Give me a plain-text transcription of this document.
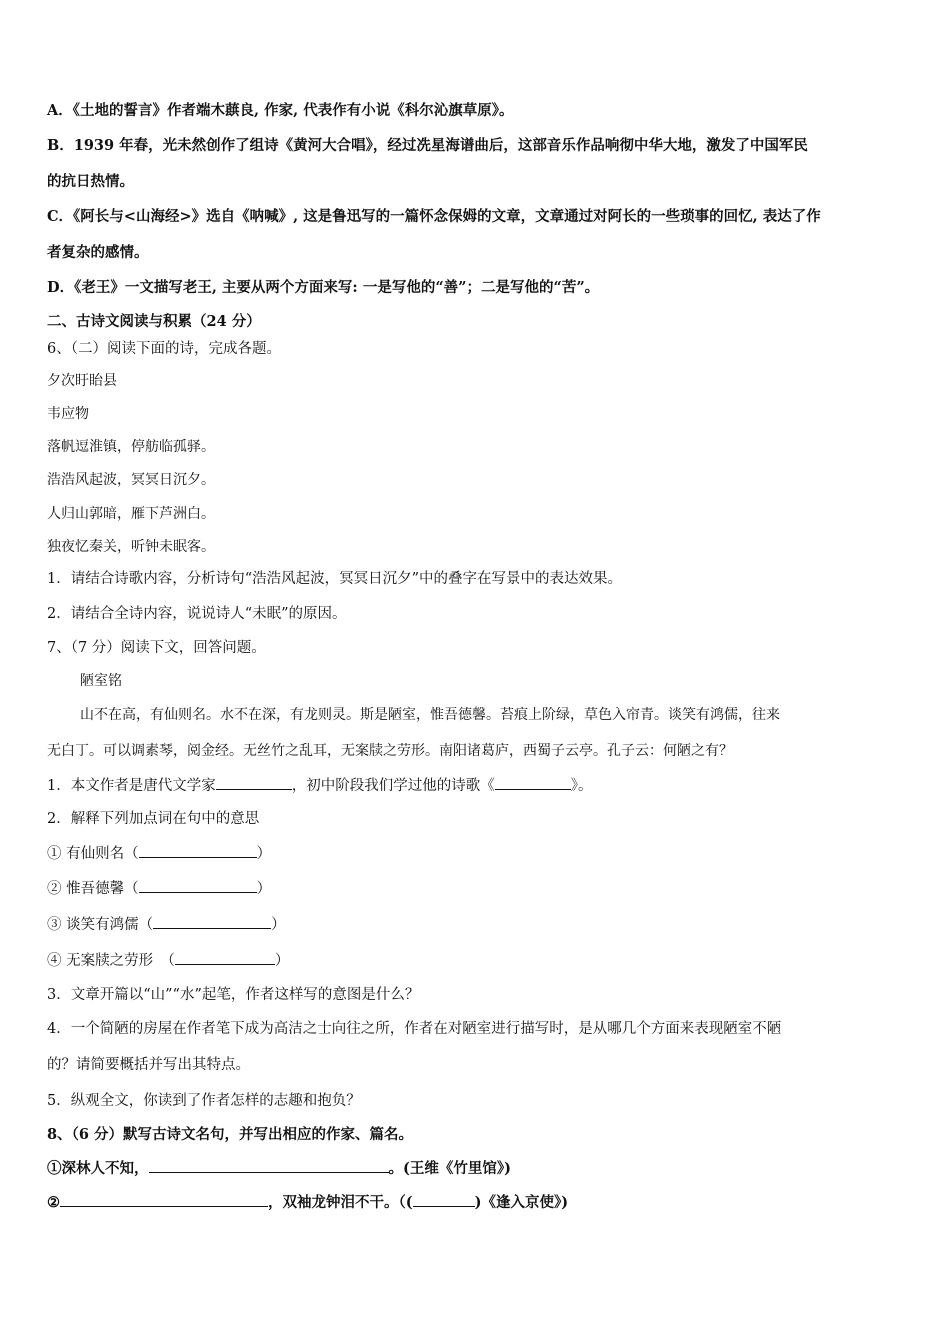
A．《土地的誓言》作者端木蕻良, 作家, 代表作有小说《科尔沁旗草原》。
B．1939 年春，光未然创作了组诗《黄河大合唱》，经过冼星海谱曲后，这部音乐作品响彻中华大地，激发了中国军民
的抗日热情。
C．《阿长与<山海经>》选自《呐喊》, 这是鲁迅写的一篇怀念保姆的文章，文章通过对阿长的一些琐事的回忆, 表达了作
者复杂的感情。
D．《老王》一文描写老王, 主要从两个方面来写: 一是写他的“善”；二是写他的“苦”。
二、古诗文阅读与积累（24 分）
6、（二）阅读下面的诗，完成各题。
夕次盱眙县
韦应物
落帆逗淮镇，停舫临孤驿。
浩浩风起波，冥冥日沉夕。
人归山郭暗，雁下芦洲白。
独夜忆秦关，听钟未眠客。
1．请结合诗歌内容，分析诗句“浩浩风起波，冥冥日沉夕”中的叠字在写景中的表达效果。
2．请结合全诗内容，说说诗人“未眠”的原因。
7、（7 分）阅读下文，回答问题。
陋室铭
山不在高，有仙则名。水不在深，有龙则灵。斯是陋室，惟吾德馨。苔痕上阶绿，草色入帘青。谈笑有鸿儒，往来
无白丁。可以调素琴，阅金经。无丝竹之乱耳，无案牍之劳形。南阳诸葛庐，西蜀子云亭。孔子云：何陋之有？
1．本文作者是唐代文学家	，初中阶段我们学过他的诗歌《	》。
2．解释下列加点词在句中的意思
① 有仙则名（	）
② 惟吾德馨（	）
③ 谈笑有鸿儒（	）
④ 无案牍之劳形　（	）
3．文章开篇以“山”“水”起笔，作者这样写的意图是什么？
4．一个简陋的房屋在作者笔下成为高洁之士向往之所，作者在对陋室进行描写时，是从哪几个方面来表现陋室不陋
的？请简要概括并写出其特点。
5．纵观全文，你读到了作者怎样的志趣和抱负？
8、（6 分）默写古诗文名句，并写出相应的作家、篇名。
①深林人不知，	。(王维《竹里馆》)
②	，双袖龙钟泪不干。（(	)《逢入京使》)
